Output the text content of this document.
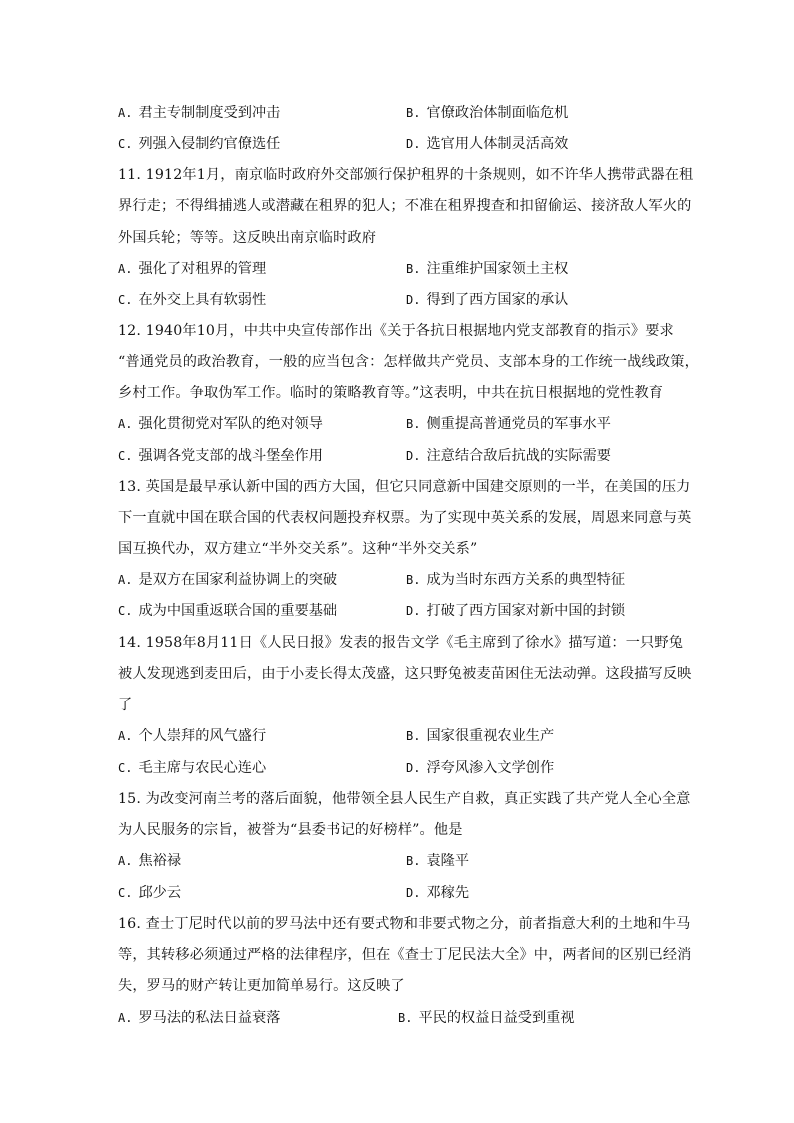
A. 君主专制制度受到冲击	B. 官僚政治体制面临危机
C. 列强入侵制约官僚选任	D. 选官用人体制灵活高效
11. 1912年1月，南京临时政府外交部颁行保护租界的十条规则，如不许华人携带武器在租
界行走；不得缉捕逃人或潜藏在租界的犯人；不准在租界搜查和扣留偷运、接济敌人军火的
外国兵轮；等等。这反映出南京临时政府
A. 强化了对租界的管理	B. 注重维护国家领土主权
C. 在外交上具有软弱性	D. 得到了西方国家的承认
12. 1940年10月，中共中央宣传部作出《关于各抗日根据地内党支部教育的指示》要求
“普通党员的政治教育，一般的应当包含：怎样做共产党员、支部本身的工作统一战线政策，
乡村工作。争取伪军工作。临时的策略教育等。”这表明，中共在抗日根据地的党性教育
A. 强化贯彻党对军队的绝对领导	B. 侧重提高普通党员的军事水平
C. 强调各党支部的战斗堡垒作用	D. 注意结合敌后抗战的实际需要
13. 英国是最早承认新中国的西方大国，但它只同意新中国建交原则的一半，在美国的压力
下一直就中国在联合国的代表权问题投弃权票。为了实现中英关系的发展，周恩来同意与英
国互换代办，双方建立“半外交关系”。这种“半外交关系”
A. 是双方在国家利益协调上的突破	B. 成为当时东西方关系的典型特征
C. 成为中国重返联合国的重要基础	D. 打破了西方国家对新中国的封锁
14. 1958年8月11日《人民日报》发表的报告文学《毛主席到了徐水》描写道：一只野兔
被人发现逃到麦田后，由于小麦长得太茂盛，这只野兔被麦苗困住无法动弹。这段描写反映
了
A. 个人崇拜的风气盛行	B. 国家很重视农业生产
C. 毛主席与农民心连心	D. 浮夸风渗入文学创作
15. 为改变河南兰考的落后面貌，他带领全县人民生产自救，真正实践了共产党人全心全意
为人民服务的宗旨，被誉为“县委书记的好榜样”。他是
A. 焦裕禄	B. 袁隆平
C. 邱少云	D. 邓稼先
16. 查士丁尼时代以前的罗马法中还有要式物和非要式物之分，前者指意大利的土地和牛马
等，其转移必须通过严格的法律程序，但在《查士丁尼民法大全》中，两者间的区别已经消
失，罗马的财产转让更加简单易行。这反映了
A. 罗马法的私法日益衰落	B. 平民的权益日益受到重视
